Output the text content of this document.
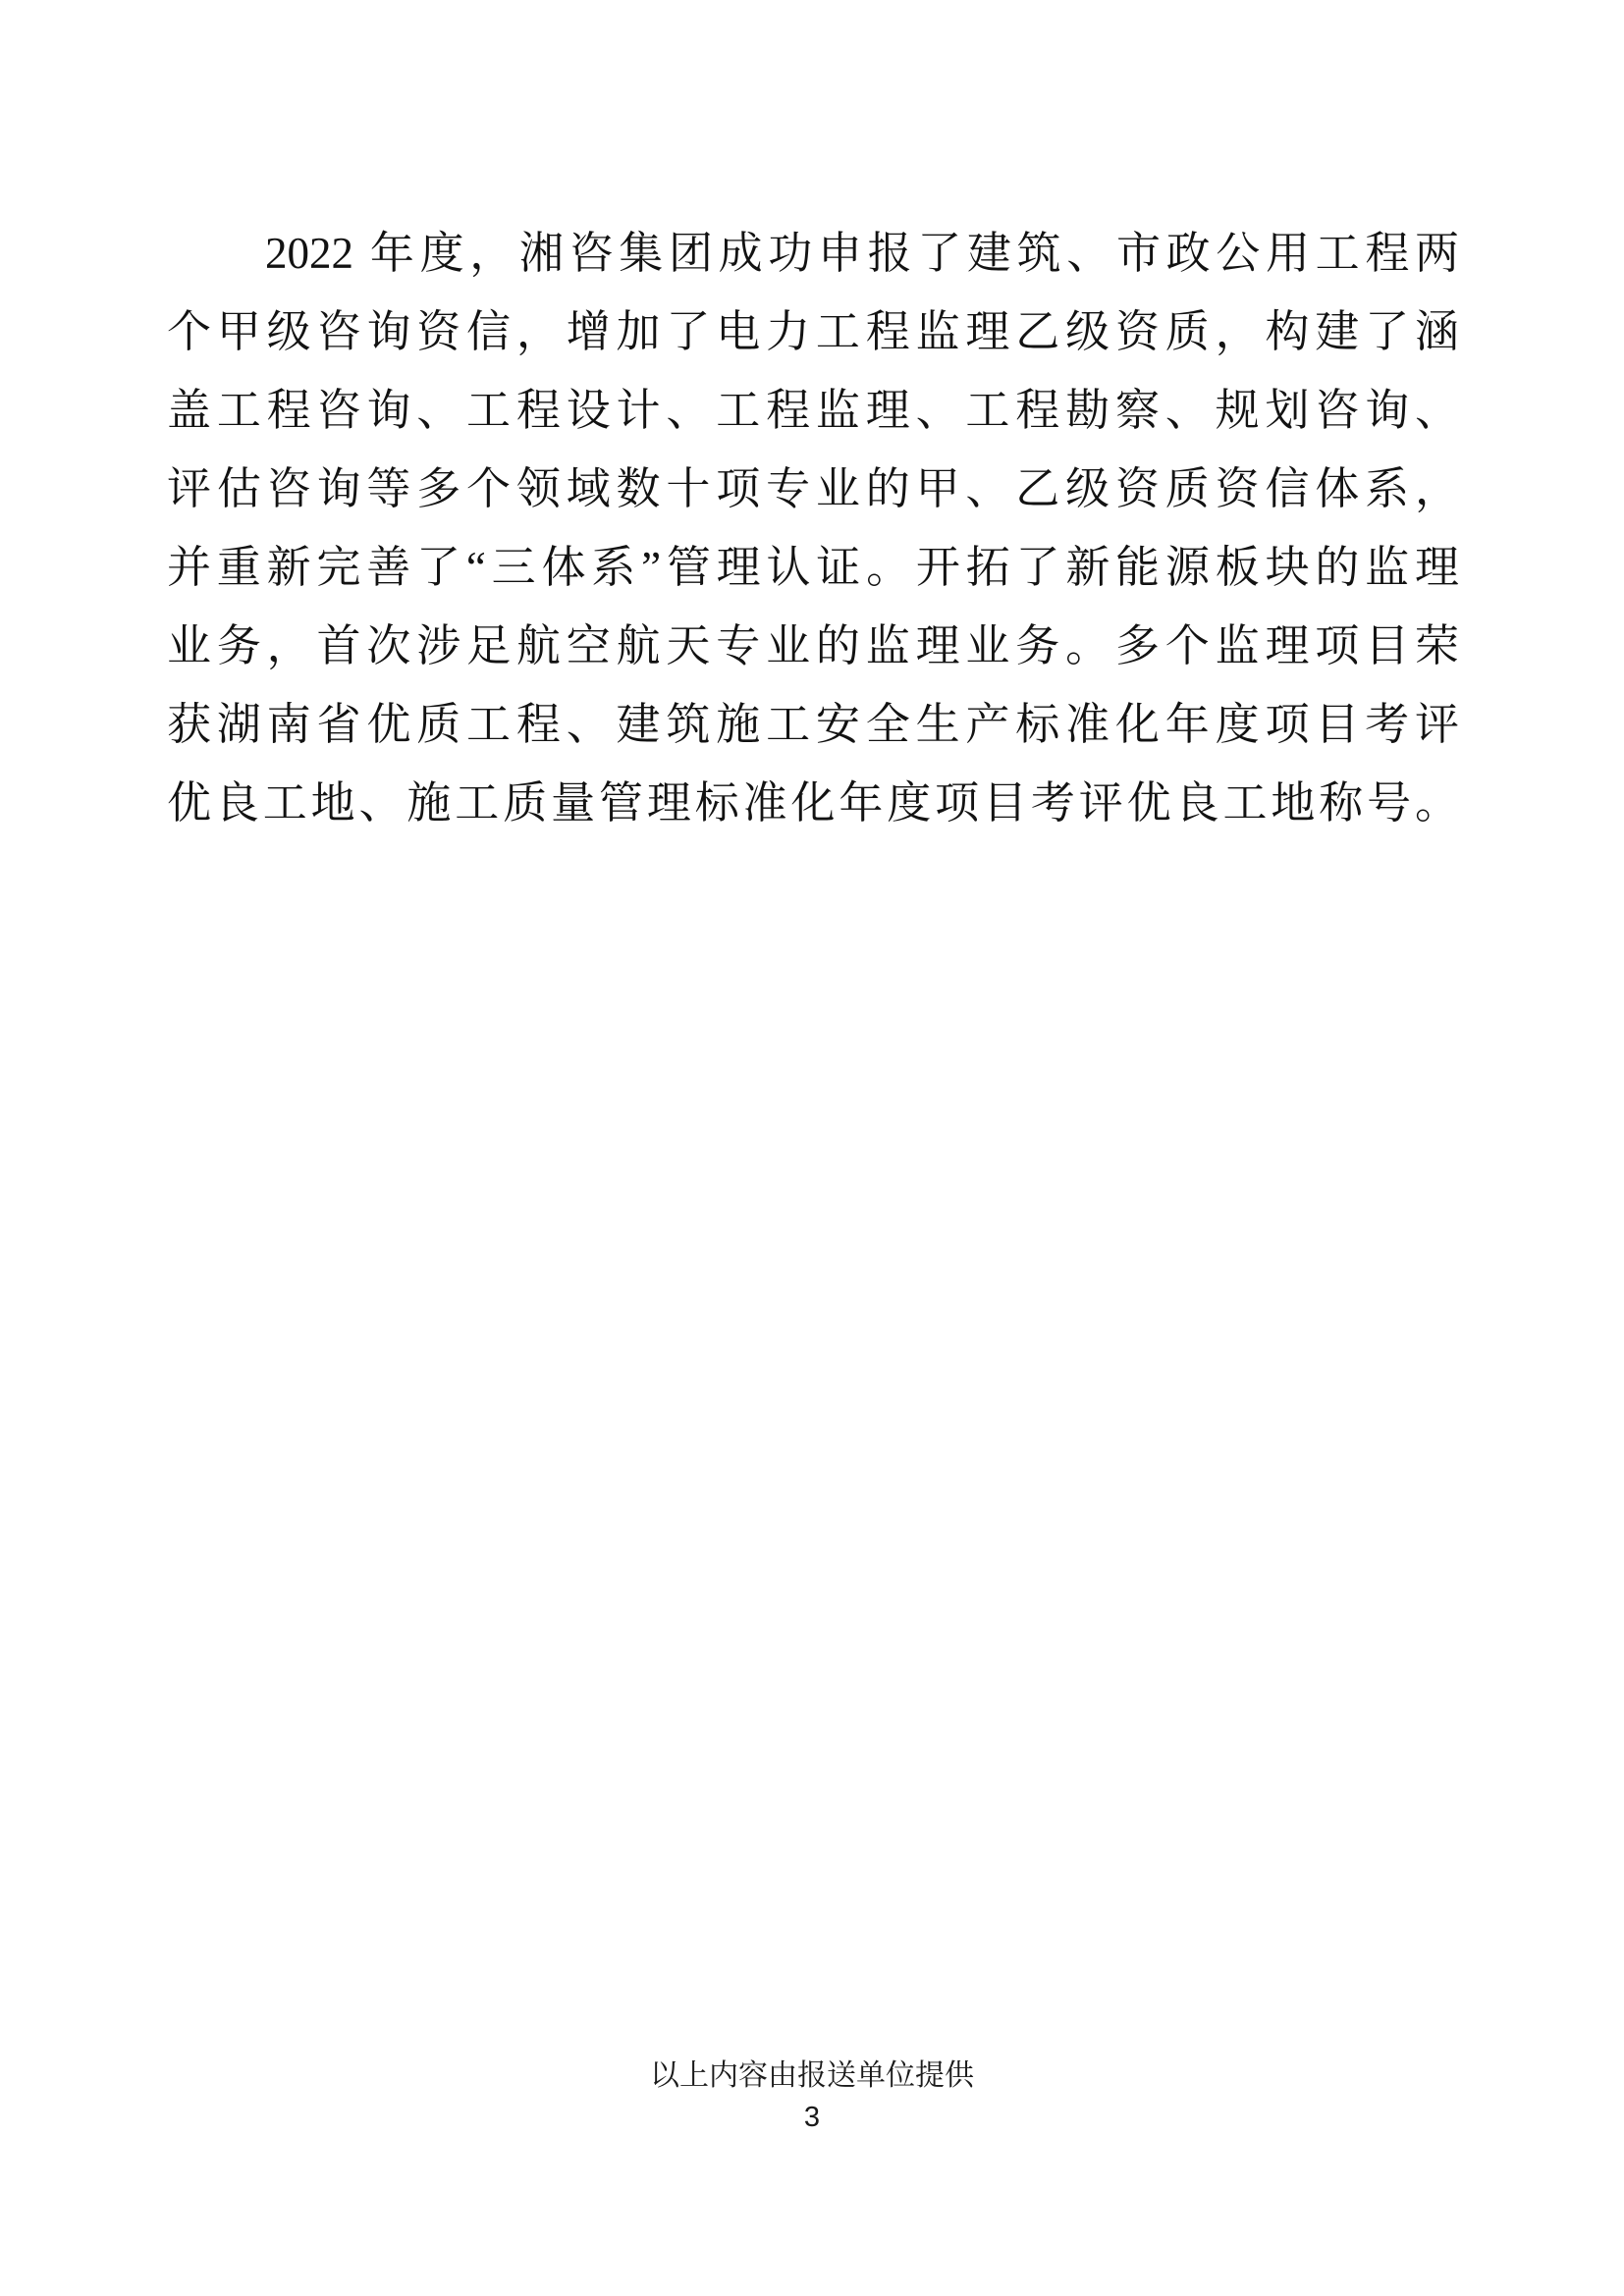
2022 年度，湘咨集团成功申报了建筑、市政公用工程两
个甲级咨询资信，增加了电力工程监理乙级资质，构建了涵
盖工程咨询、工程设计、工程监理、工程勘察、规划咨询、
评估咨询等多个领域数十项专业的甲、乙级资质资信体系，
并重新完善了“三体系”管理认证。开拓了新能源板块的监理
业务，首次涉足航空航天专业的监理业务。多个监理项目荣
获湖南省优质工程、建筑施工安全生产标准化年度项目考评
优良工地、施工质量管理标准化年度项目考评优良工地称号。
以上内容由报送单位提供
3
